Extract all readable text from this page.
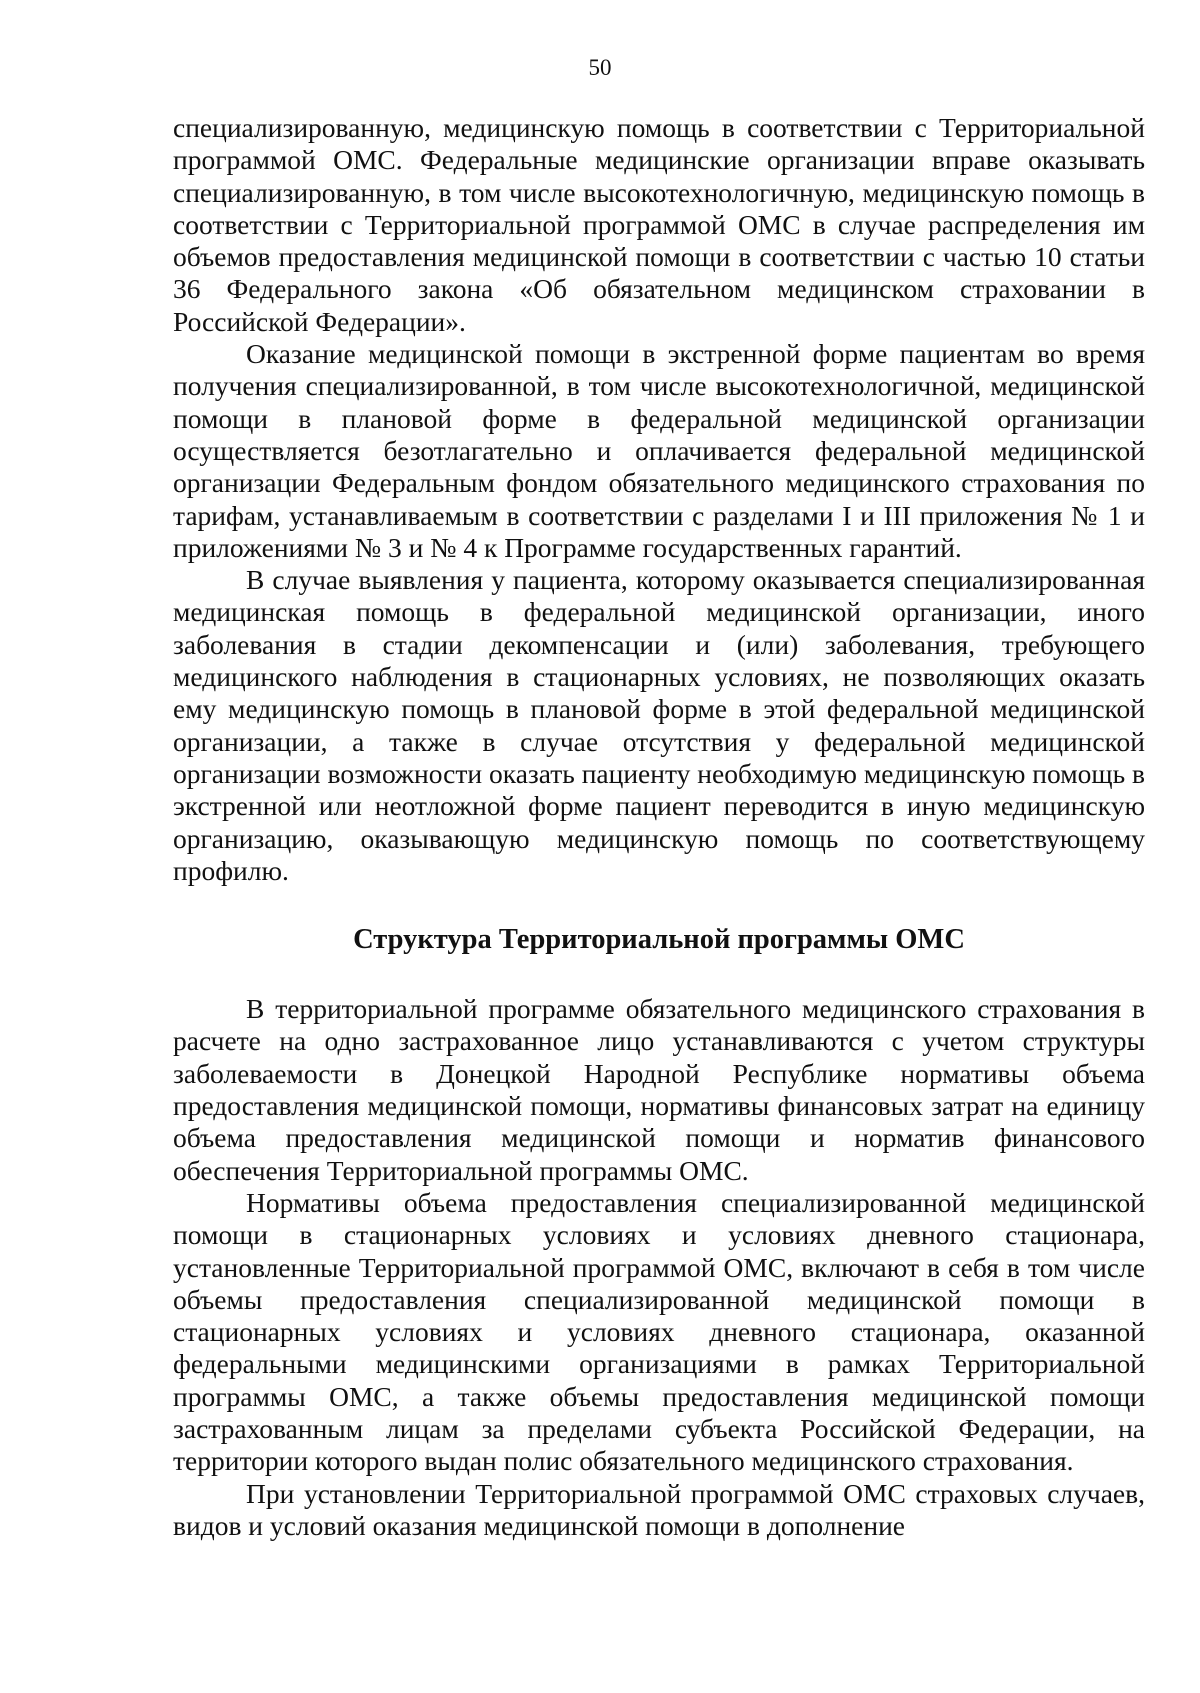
50

специализированную, медицинскую помощь в соответствии с Территориальной программой ОМС. Федеральные медицинские организации вправе оказывать специализированную, в том числе высокотехнологичную, медицинскую помощь в соответствии с Территориальной программой ОМС в случае распределения им объемов предоставления медицинской помощи в соответствии с частью 10 статьи 36 Федерального закона «Об обязательном медицинском страховании в Российской Федерации».

Оказание медицинской помощи в экстренной форме пациентам во время получения специализированной, в том числе высокотехнологичной, медицинской помощи в плановой форме в федеральной медицинской организации осуществляется безотлагательно и оплачивается федеральной медицинской организации Федеральным фондом обязательного медицинского страхования по тарифам, устанавливаемым в соответствии с разделами I и III приложения № 1 и приложениями № 3 и № 4 к Программе государственных гарантий.

В случае выявления у пациента, которому оказывается специализированная медицинская помощь в федеральной медицинской организации, иного заболевания в стадии декомпенсации и (или) заболевания, требующего медицинского наблюдения в стационарных условиях, не позволяющих оказать ему медицинскую помощь в плановой форме в этой федеральной медицинской организации, а также в случае отсутствия у федеральной медицинской организации возможности оказать пациенту необходимую медицинскую помощь в экстренной или неотложной форме пациент переводится в иную медицинскую организацию, оказывающую медицинскую помощь по соответствующему профилю.

Структура Территориальной программы ОМС

В территориальной программе обязательного медицинского страхования в расчете на одно застрахованное лицо устанавливаются с учетом структуры заболеваемости в Донецкой Народной Республике нормативы объема предоставления медицинской помощи, нормативы финансовых затрат на единицу объема предоставления медицинской помощи и норматив финансового обеспечения Территориальной программы ОМС.

Нормативы объема предоставления специализированной медицинской помощи в стационарных условиях и условиях дневного стационара, установленные Территориальной программой ОМС, включают в себя в том числе объемы предоставления специализированной медицинской помощи в стационарных условиях и условиях дневного стационара, оказанной федеральными медицинскими организациями в рамках Территориальной программы ОМС, а также объемы предоставления медицинской помощи застрахованным лицам за пределами субъекта Российской Федерации, на территории которого выдан полис обязательного медицинского страхования.

При установлении Территориальной программой ОМС страховых случаев, видов и условий оказания медицинской помощи в дополнение
